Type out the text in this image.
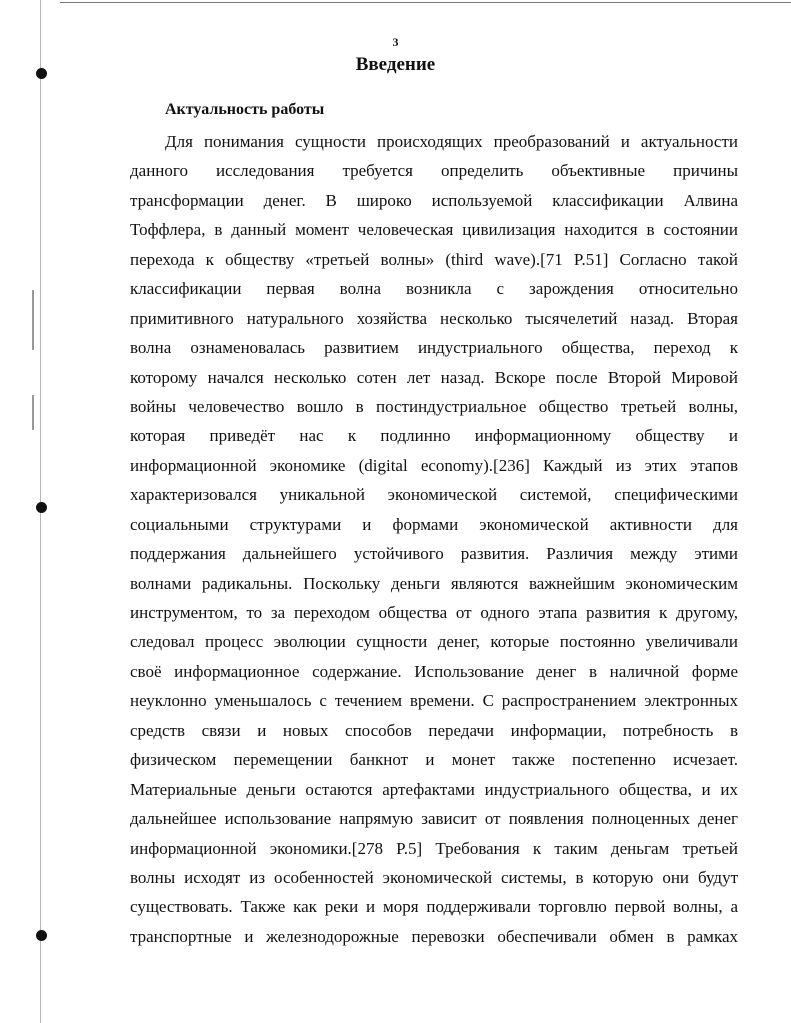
3
Введение
Актуальность работы
Для понимания сущности происходящих преобразований и актуальности
данного исследования требуется определить объективные причины
трансформации денег. В широко используемой классификации Алвина
Тоффлера, в данный момент человеческая цивилизация находится в состоянии
перехода к обществу «третьей волны» (third wave).[71 P.51] Согласно такой
классификации первая волна возникла с зарождения относительно
примитивного натурального хозяйства несколько тысячелетий назад. Вторая
волна ознаменовалась развитием индустриального общества, переход к
которому начался несколько сотен лет назад. Вскоре после Второй Мировой
войны человечество вошло в постиндустриальное общество третьей волны,
которая приведёт нас к подлинно информационному обществу и
информационной экономике (digital economy).[236] Каждый из этих этапов
характеризовался уникальной экономической системой, специфическими
социальными структурами и формами экономической активности для
поддержания дальнейшего устойчивого развития. Различия между этими
волнами радикальны. Поскольку деньги являются важнейшим экономическим
инструментом, то за переходом общества от одного этапа развития к другому,
следовал процесс эволюции сущности денег, которые постоянно увеличивали
своё информационное содержание. Использование денег в наличной форме
неуклонно уменьшалось с течением времени. С распространением электронных
средств связи и новых способов передачи информации, потребность в
физическом перемещении банкнот и монет также постепенно исчезает.
Материальные деньги остаются артефактами индустриального общества, и их
дальнейшее использование напрямую зависит от появления полноценных денег
информационной экономики.[278 P.5] Требования к таким деньгам третьей
волны исходят из особенностей экономической системы, в которую они будут
существовать. Также как реки и моря поддерживали торговлю первой волны, а
транспортные и железнодорожные перевозки обеспечивали обмен в рамках
